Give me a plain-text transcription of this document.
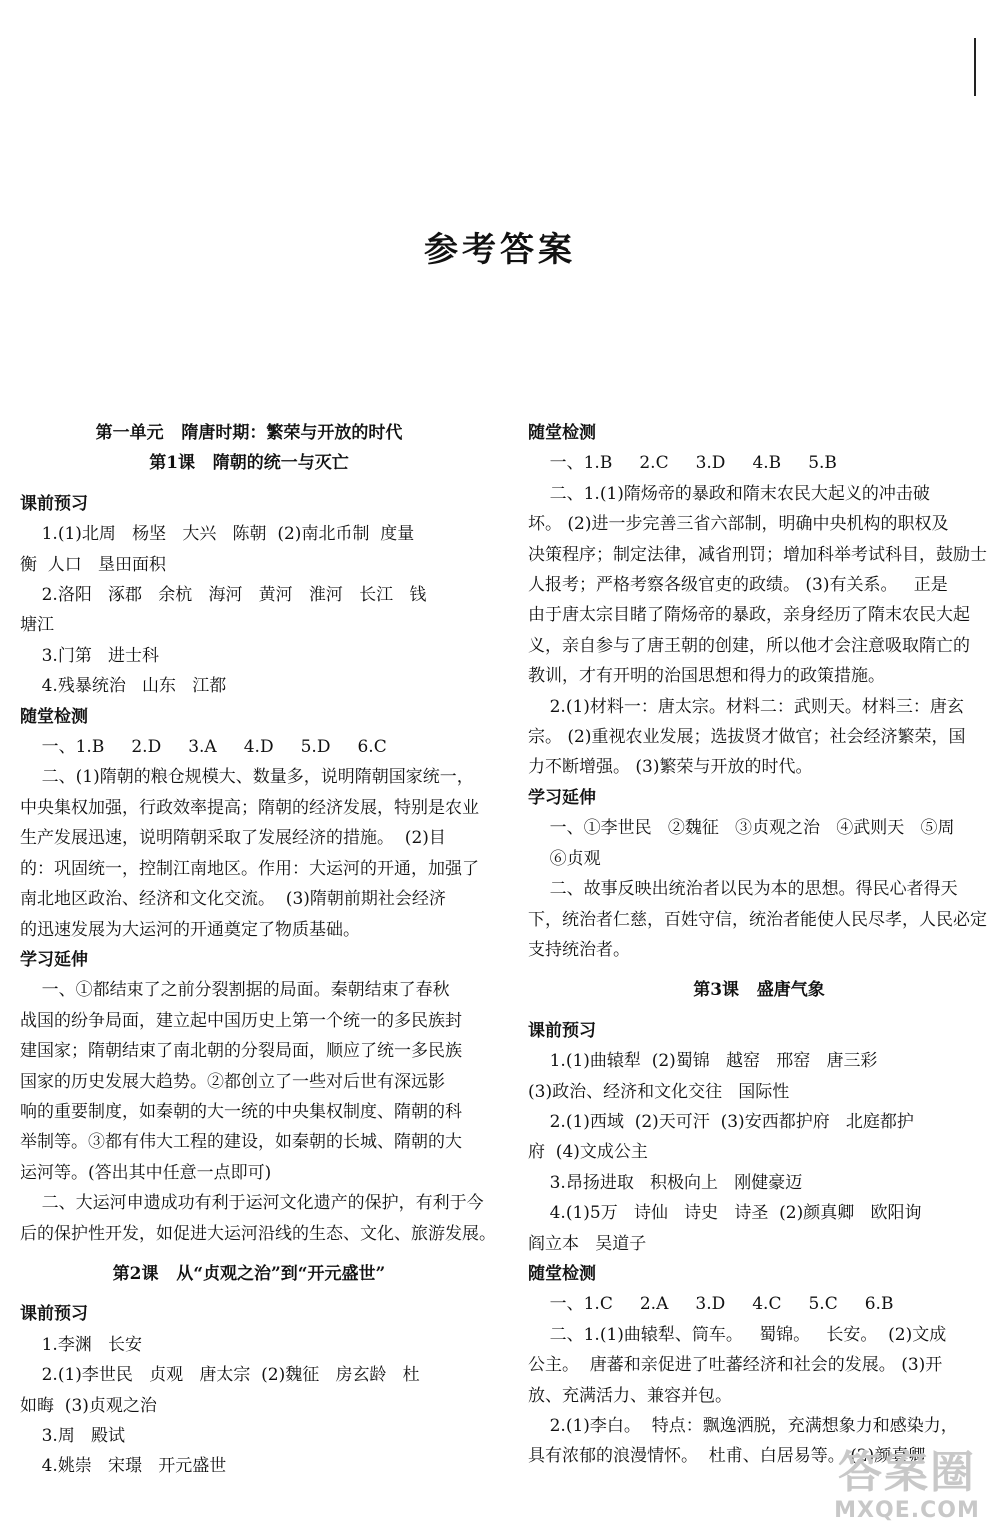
参考答案
第一单元   隋唐时期：繁荣与开放的时代
第1课   隋朝的统一与灭亡
课前预习
1.(1)北周   杨坚   大兴   陈朝  (2)南北币制  度量
衡  人口   垦田面积
2.洛阳   涿郡   余杭   海河   黄河   淮河   长江   钱
塘江
3.门第   进士科
4.残暴统治   山东   江都
随堂检测
一、1.B     2.D     3.A     4.D     5.D     6.C
二、(1)隋朝的粮仓规模大、数量多，说明隋朝国家统一，
中央集权加强，行政效率提高；隋朝的经济发展，特别是农业
生产发展迅速，说明隋朝采取了发展经济的措施。  (2)目
的：巩固统一，控制江南地区。作用：大运河的开通，加强了
南北地区政治、经济和文化交流。  (3)隋朝前期社会经济
的迅速发展为大运河的开通奠定了物质基础。
学习延伸
一、①都结束了之前分裂割据的局面。秦朝结束了春秋
战国的纷争局面，建立起中国历史上第一个统一的多民族封
建国家；隋朝结束了南北朝的分裂局面，顺应了统一多民族
国家的历史发展大趋势。②都创立了一些对后世有深远影
响的重要制度，如秦朝的大一统的中央集权制度、隋朝的科
举制等。③都有伟大工程的建设，如秦朝的长城、隋朝的大
运河等。(答出其中任意一点即可)
二、大运河申遗成功有利于运河文化遗产的保护，有利于今
后的保护性开发，如促进大运河沿线的生态、文化、旅游发展。
第2课   从“贞观之治”到“开元盛世”
课前预习
1.李渊   长安
2.(1)李世民   贞观   唐太宗  (2)魏征   房玄龄   杜
如晦  (3)贞观之治
3.周   殿试
4.姚崇   宋璟   开元盛世
随堂检测
一、1.B     2.C     3.D     4.B     5.B
二、1.(1)隋炀帝的暴政和隋末农民大起义的冲击破
坏。 (2)进一步完善三省六部制，明确中央机构的职权及
决策程序；制定法律，减省刑罚；增加科举考试科目，鼓励士
人报考；严格考察各级官吏的政绩。 (3)有关系。   正是
由于唐太宗目睹了隋炀帝的暴政，亲身经历了隋末农民大起
义，亲自参与了唐王朝的创建，所以他才会注意吸取隋亡的
教训，才有开明的治国思想和得力的政策措施。
2.(1)材料一：唐太宗。材料二：武则天。材料三：唐玄
宗。 (2)重视农业发展；选拔贤才做官；社会经济繁荣，国
力不断增强。 (3)繁荣与开放的时代。
学习延伸
一、①李世民   ②魏征   ③贞观之治   ④武则天   ⑤周
⑥贞观
二、故事反映出统治者以民为本的思想。得民心者得天
下，统治者仁慈，百姓守信，统治者能使人民尽孝，人民必定
支持统治者。
第3课   盛唐气象
课前预习
1.(1)曲辕犁  (2)蜀锦   越窑   邢窑   唐三彩
(3)政治、经济和文化交往   国际性
2.(1)西域  (2)天可汗  (3)安西都护府   北庭都护
府  (4)文成公主
3.昂扬进取   积极向上   刚健豪迈
4.(1)5万   诗仙   诗史   诗圣  (2)颜真卿   欧阳询
阎立本   吴道子
随堂检测
一、1.C     2.A     3.D     4.C     5.C     6.B
二、1.(1)曲辕犁、筒车。   蜀锦。   长安。  (2)文成
公主。  唐蕃和亲促进了吐蕃经济和社会的发展。 (3)开
放、充满活力、兼容并包。
2.(1)李白。  特点：飘逸洒脱，充满想象力和感染力，
具有浓郁的浪漫情怀。  杜甫、白居易等。 (2)颜真卿
答案圈
MXQE.COM
